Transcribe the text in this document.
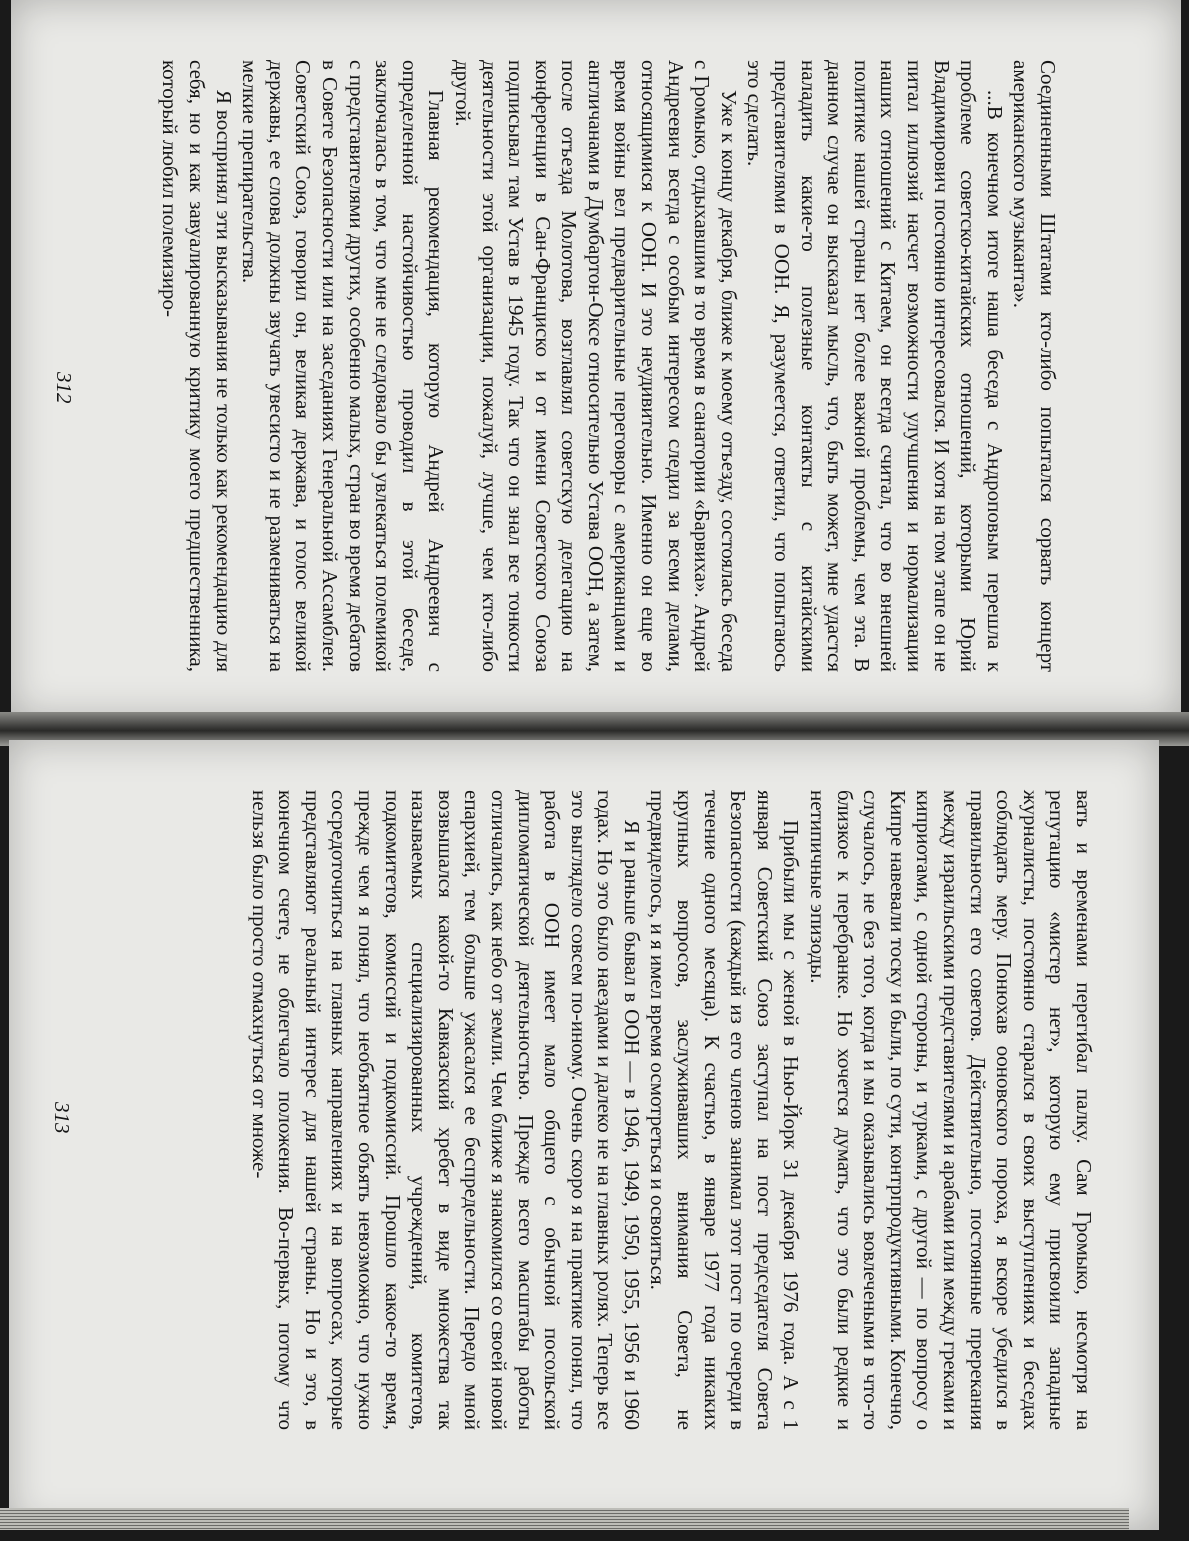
Соединенными Штатами кто-либо попытался сорвать концерт американского музыканта».

...В конечном итоге наша беседа с Андроповым перешла к проблеме советско-китайских отношений, которыми Юрий Владимирович постоянно интересовался. И хотя на том этапе он не питал иллюзий насчет возможности улучшения и нормализации наших отношений с Китаем, он всегда считал, что во внешней политике нашей страны нет более важной проблемы, чем эта. В данном случае он высказал мысль, что, быть может, мне удастся наладить какие-то полезные контакты с китайскими представителями в ООН. Я, разумеется, ответил, что попытаюсь это сделать.

Уже к концу декабря, ближе к моему отъезду, состоялась беседа с Громыко, отдыхавшим в то время в санатории «Барвиха». Андрей Андреевич всегда с особым интересом следил за всеми делами, относящимися к ООН. И это неудивительно. Именно он еще во время войны вел предварительные переговоры с американцами и англичанами в Думбартон-Оксе относительно Устава ООН, а затем, после отъезда Молотова, возглавлял советскую делегацию на конференции в Сан-Франциско и от имени Советского Союза подписывал там Устав в 1945 году. Так что он знал все тонкости деятельности этой организации, пожалуй, лучше, чем кто-либо другой.

Главная рекомендация, которую Андрей Андреевич с определенной настойчивостью проводил в этой беседе, заключалась в том, что мне не следовало бы увлекаться полемикой с представителями других, особенно малых, стран во время дебатов в Совете Безопасности или на заседаниях Генеральной Ассамблеи. Советский Союз, говорил он, великая держава, и голос великой державы, ее слова должны звучать увесисто и не размениваться на мелкие препирательства.

Я воспринял эти высказывания не только как рекомендацию для себя, но и как завуалированную критику моего предшественника, который любил полемизиро-

312

вать и временами перегибал палку. Сам Громыко, несмотря на репутацию «мистер нет», которую ему присвоили западные журналисты, постоянно старался в своих выступлениях и беседах соблюдать меру. Понюхав ооновского пороха, я вскоре убедился в правильности его советов. Действительно, постоянные пререкания между израильскими представителями и арабами или между греками и киприотами, с одной стороны, и турками, с другой — по вопросу о Кипре навевали тоску и были, по сути, контрпродуктивными. Конечно, случалось, не без того, когда и мы оказывались вовлечеными в что-то близкое к перебранке. Но хочется думать, что это были редкие и нетипичные эпизоды.

Прибыли мы с женой в Нью-Йорк 31 декабря 1976 года. А с 1 января Советский Союз заступал на пост председателя Совета Безопасности (каждый из его членов занимал этот пост по очереди в течение одного месяца). К счастью, в январе 1977 года никаких крупных вопросов, заслуживавших внимания Совета, не предвиделось, и я имел время осмотреться и освоиться.

Я и раньше бывал в ООН — в 1946, 1949, 1950, 1955, 1956 и 1960 годах. Но это было наездами и далеко не на главных ролях. Теперь все это выглядело совсем по-иному. Очень скоро я на практике понял, что работа в ООН имеет мало общего с обычной посольской дипломатической деятельностью. Прежде всего масштабы работы отличались, как небо от земли. Чем ближе я знакомился со своей новой епархией, тем больше ужасался ее беспредельности. Передо мной возвышался какой-то Кавказский хребет в виде множества так называемых специализированных учреждений, комитетов, подкомитетов, комиссий и подкомиссий. Прошло какое-то время, прежде чем я понял, что необъятное объять невозможно, что нужно сосредоточиться на главных направлениях и на вопросах, которые представляют реальный интерес для нашей страны. Но и это, в конечном счете, не облегчало положения. Во-первых, потому что нельзя было просто отмахнуться от множе-

313
